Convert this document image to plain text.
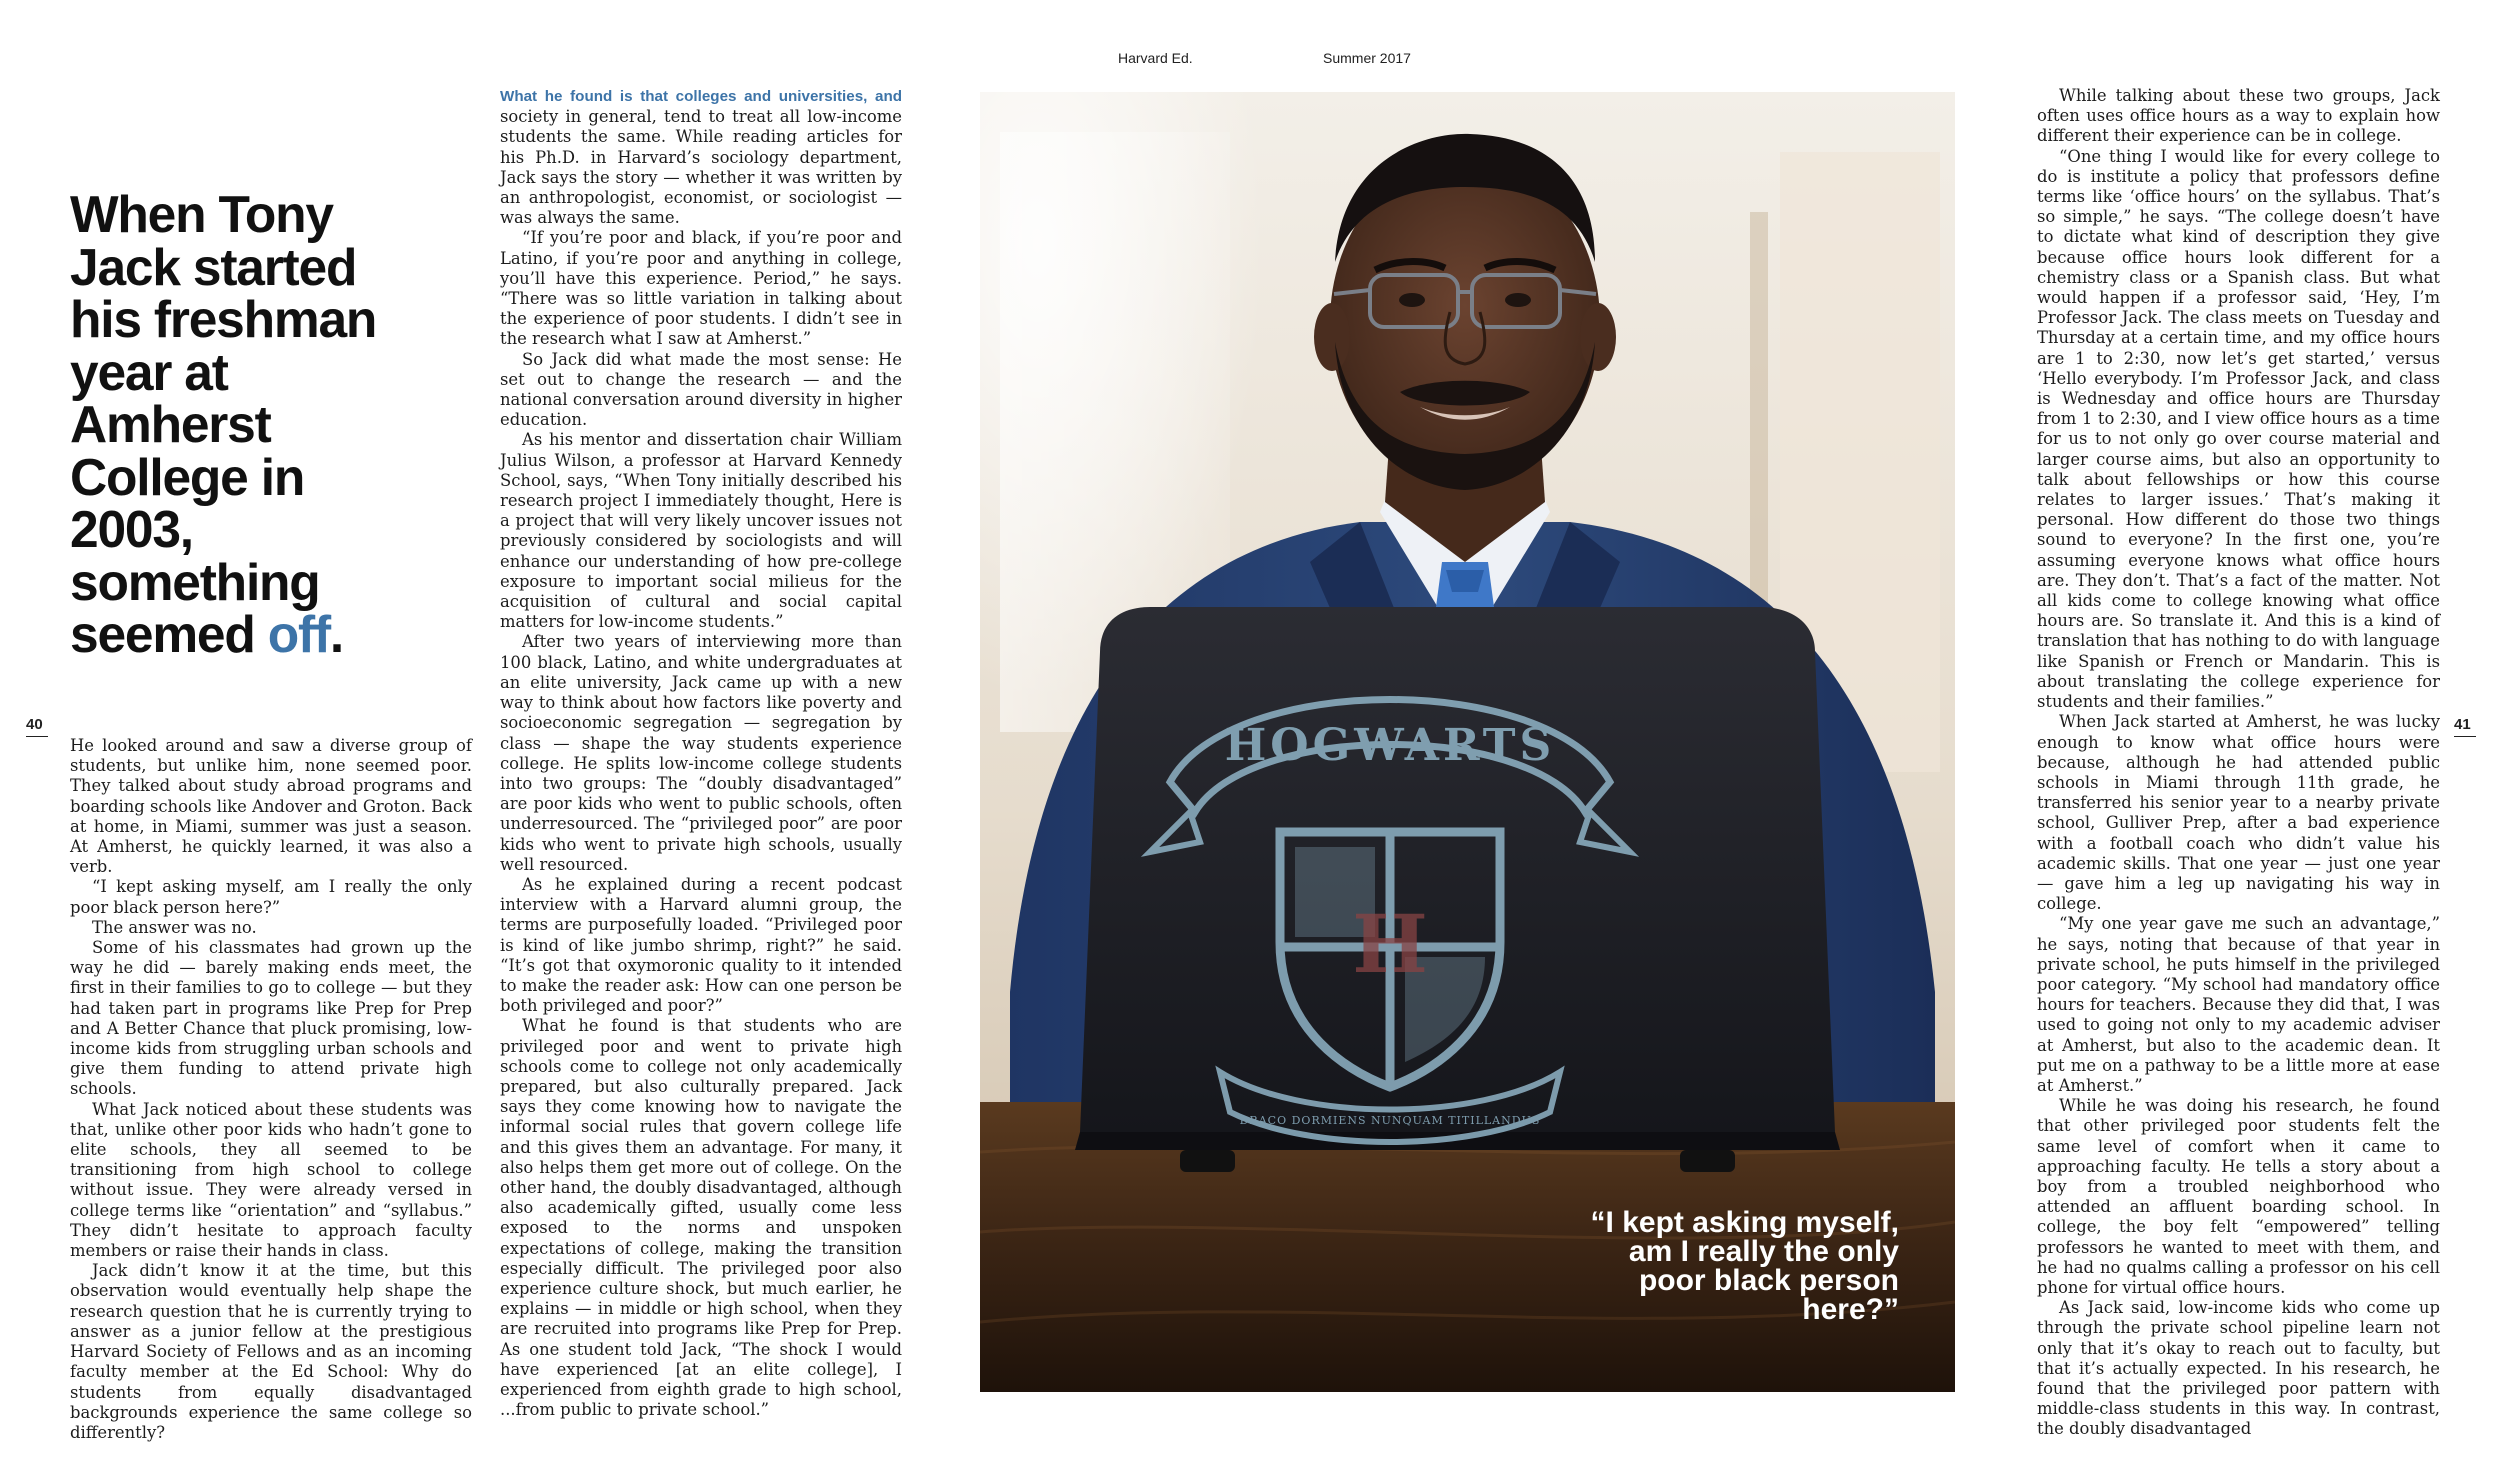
Harvard Ed.	Summer 2017
40	41
When Tony Jack started his freshman year at Amherst College in 2003, something seemed off.

He looked around and saw a diverse group of students, but unlike him, none seemed poor. They talked about study abroad programs and boarding schools like Andover and Groton. Back at home, in Miami, summer was just a season. At Amherst, he quickly learned, it was also a verb.

“I kept asking myself, am I really the only poor black person here?”

The answer was no.

Some of his classmates had grown up the way he did — barely making ends meet, the first in their families to go to college — but they had taken part in programs like Prep for Prep and A Better Chance that pluck promising, low-income kids from struggling urban schools and give them funding to attend private high schools.

What Jack noticed about these students was that, unlike other poor kids who hadn’t gone to elite schools, they all seemed to be transitioning from high school to college without issue. They were already versed in college terms like “orientation” and “syllabus.” They didn’t hesitate to approach faculty members or raise their hands in class.

Jack didn’t know it at the time, but this observation would eventually help shape the research question that he is currently trying to answer as a junior fellow at the prestigious Harvard Society of Fellows and as an incoming faculty member at the Ed School: Why do students from equally disadvantaged backgrounds experience the same college so differently?

What he found is that colleges and universities, and society in general, tend to treat all low-income students the same. While reading articles for his Ph.D. in Harvard’s sociology department, Jack says the story — whether it was written by an anthropologist, economist, or sociologist — was always the same.

“If you’re poor and black, if you’re poor and Latino, if you’re poor and anything in college, you’ll have this experience. Period,” he says. “There was so little variation in talking about the experience of poor students. I didn’t see in the research what I saw at Amherst.”

So Jack did what made the most sense: He set out to change the research — and the national conversation around diversity in higher education.

As his mentor and dissertation chair William Julius Wilson, a professor at Harvard Kennedy School, says, “When Tony initially described his research project I immediately thought, Here is a project that will very likely uncover issues not previously considered by sociologists and will enhance our understanding of how pre-college exposure to important social milieus for the acquisition of cultural and social capital matters for low-income students.”

After two years of interviewing more than 100 black, Latino, and white undergraduates at an elite university, Jack came up with a new way to think about how factors like poverty and socioeconomic segregation — segregation by class — shape the way students experience college. He splits low-income college students into two groups: The “doubly disadvantaged” are poor kids who went to public schools, often underresourced. The “privileged poor” are poor kids who went to private high schools, usually well resourced.

As he explained during a recent podcast interview with a Harvard alumni group, the terms are purposefully loaded. “Privileged poor is kind of like jumbo shrimp, right?” he said. “It’s got that oxymoronic quality to it intended to make the reader ask: How can one person be both privileged and poor?”

What he found is that students who are privileged poor and went to private high schools come to college not only academically prepared, but also culturally prepared. Jack says they come knowing how to navigate the informal social rules that govern college life and this gives them an advantage. For many, it also helps them get more out of college. On the other hand, the doubly disadvantaged, although also academically gifted, usually come less exposed to the norms and unspoken expectations of college, making the transition especially difficult. The privileged poor also experience culture shock, but much earlier, he explains — in middle or high school, when they are recruited into programs like Prep for Prep. As one student told Jack, “The shock I would have experienced [at an elite college], I experienced from eighth grade to high school, ...from public to private school.”

HOGWARTS
H
DRACO DORMIENS NUNQUAM TITILLANDUS
“I kept asking myself, am I really the only poor black person here?”

While talking about these two groups, Jack often uses office hours as a way to explain how different their experience can be in college.

“One thing I would like for every college to do is institute a policy that professors define terms like ‘office hours’ on the syllabus. That’s so simple,” he says. “The college doesn’t have to dictate what kind of description they give because office hours look different for a chemistry class or a Spanish class. But what would happen if a professor said, ‘Hey, I’m Professor Jack. The class meets on Tuesday and Thursday at a certain time, and my office hours are 1 to 2:30, now let’s get started,’ versus ‘Hello everybody. I’m Professor Jack, and class is Wednesday and office hours are Thursday from 1 to 2:30, and I view office hours as a time for us to not only go over course material and larger course aims, but also an opportunity to talk about fellowships or how this course relates to larger issues.’ That’s making it personal. How different do those two things sound to everyone? In the first one, you’re assuming everyone knows what office hours are. They don’t. That’s a fact of the matter. Not all kids come to college knowing what office hours are. So translate it. And this is a kind of translation that has nothing to do with language like Spanish or French or Mandarin. This is about translating the college experience for students and their families.”

When Jack started at Amherst, he was lucky enough to know what office hours were because, although he had attended public schools in Miami through 11th grade, he transferred his senior year to a nearby private school, Gulliver Prep, after a bad experience with a football coach who didn’t value his academic skills. That one year — just one year — gave him a leg up navigating his way in college.

“My one year gave me such an advantage,” he says, noting that because of that year in private school, he puts himself in the privileged poor category. “My school had mandatory office hours for teachers. Because they did that, I was used to going not only to my academic adviser at Amherst, but also to the academic dean. It put me on a pathway to be a little more at ease at Amherst.”

While he was doing his research, he found that other privileged poor students felt the same level of comfort when it came to approaching faculty. He tells a story about a boy from a troubled neighborhood who attended an affluent boarding school. In college, the boy felt “empowered” telling professors he wanted to meet with them, and he had no qualms calling a professor on his cell phone for virtual office hours.

As Jack said, low-income kids who come up through the private school pipeline learn not only that it’s okay to reach out to faculty, but that it’s actually expected. In his research, he found that the privileged poor pattern with middle-class students in this way. In contrast, the doubly disadvantaged
